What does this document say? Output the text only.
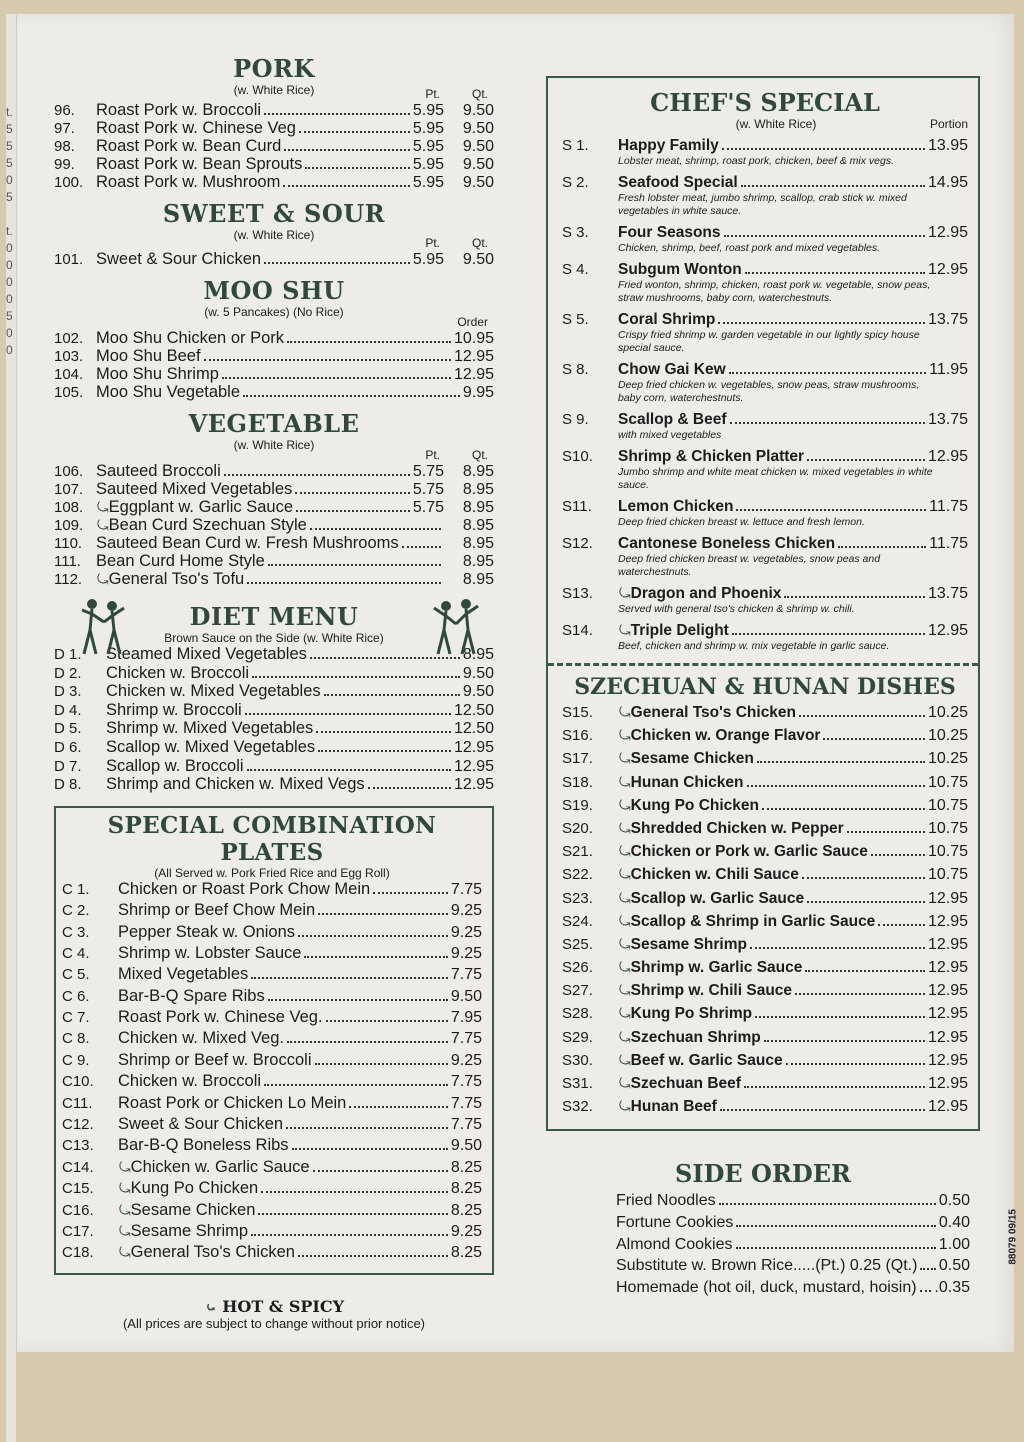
t.
5
5
5
0
5

t.
0
0
0
0
5
0
0
PORK

(w. White Rice)	Pt.	Qt.
96.	Roast Pork w. Broccoli	5.95	9.50
97.	Roast Pork w. Chinese Veg	5.95	9.50
98.	Roast Pork w. Bean Curd	5.95	9.50
99.	Roast Pork w. Bean Sprouts	5.95	9.50
100. Roast Pork w. Mushroom	5.95	9.50
SWEET & SOUR

(w. White Rice)

Pt.	Qt.
101. Sweet & Sour Chicken	5.95	9.50
MOO SHU

(w. 5 Pancakes) (No Rice)

Order
102. Moo Shu Chicken or Pork	10.95
103. Moo Shu Beef	12.95
104. Moo Shu Shrimp	12.95
105. Moo Shu Vegetable	9.95
VEGETABLE

(w. White Rice)

Pt.	Qt.
106. Sauteed Broccoli	5.75	8.95
107. Sauteed Mixed Vegetables	5.75	8.95
108. ⤿ Eggplant w. Garlic Sauce	5.75	8.95
109. ⤿ Bean Curd Szechuan Style	8.95
110. Sauteed Bean Curd w. Fresh Mushrooms	8.95
111. Bean Curd Home Style	8.95
112.	⤿ General Tso's Tofu	8.95
DIET MENU

Brown Sauce on the Side (w. White Rice)

D 1.	Steamed Mixed Vegetables	8.95
D 2.	Chicken w. Broccoli	9.50
D 3.	Chicken w. Mixed Vegetables	9.50
D 4.	Shrimp w. Broccoli	12.50
D 5.	Shrimp w. Mixed Vegetables	12.50
D 6.	Scallop w. Mixed Vegetables	12.95
D 7.	Scallop w. Broccoli	12.95
D 8.	Shrimp and Chicken w. Mixed Vegs	12.95
SPECIAL COMBINATION PLATES

(All Served w. Pork Fried Rice and Egg Roll)

C 1.	Chicken or Roast Pork Chow Mein	7.75
C 2.	Shrimp or Beef Chow Mein	9.25
C 3.	Pepper Steak w. Onions	9.25
C 4.	Shrimp w. Lobster Sauce	9.25
C 5.	Mixed Vegetables	7.75
C 6.	Bar-B-Q Spare Ribs	9.50
C 7.	Roast Pork w. Chinese Veg.	7.95
C 8.	Chicken w. Mixed Veg.	7.75
C 9.	Shrimp or Beef w. Broccoli	9.25
C10.	Chicken w. Broccoli	7.75
C11.	Roast Pork or Chicken Lo Mein	7.75
C12.	Sweet & Sour Chicken	7.75
C13.	Bar-B-Q Boneless Ribs	9.50
C14.	⤿ Chicken w. Garlic Sauce	8.25
C15.	⤿ Kung Po Chicken	8.25
C16.	⤿ Sesame Chicken	8.25
C17.	⤿ Sesame Shrimp	9.25
C18.	⤿ General Tso's Chicken	8.25
⤿ HOT & SPICY
(All prices are subject to change without prior notice)
CHEF'S SPECIAL
(w. White Rice)	Portion
S 1.	Happy Family	13.95
Lobster meat, shrimp, roast pork, chicken, beef & mix vegs.
S 2.	Seafood Special	14.95
Fresh lobster meat, jumbo shrimp, scallop, crab stick w. mixed vegetables in white sauce.
S 3.	Four Seasons	12.95
Chicken, shrimp, beef, roast pork and mixed vegetables.
S 4.	Subgum Wonton	12.95
Fried wonton, shrimp, chicken, roast pork w. vegetable, snow peas, straw mushrooms, baby corn, waterchestnuts.
S 5.	Coral Shrimp	13.75
Crispy fried shrimp w. garden vegetable in our lightly spicy house special sauce.
S 8.	Chow Gai Kew	11.95
Deep fried chicken w. vegetables, snow peas, straw mushrooms, baby corn, waterchestnuts.
S 9.	Scallop & Beef	13.75
with mixed vegetables
S10.	Shrimp & Chicken Platter	12.95
Jumbo shrimp and white meat chicken w. mixed vegetables in white sauce.
S11.	Lemon Chicken	11.75
Deep fried chicken breast w. lettuce and fresh lemon.
S12.	Cantonese Boneless Chicken	11.75
Deep fried chicken breast w. vegetables, snow peas and waterchestnuts.
S13.	⤿ Dragon and Phoenix	13.75
Served with general tso's chicken & shrimp w. chili.
S14.	⤿ Triple Delight	12.95
Beef, chicken and shrimp w. mix vegetable in garlic sauce.
SZECHUAN & HUNAN DISHES
S15.	⤿ General Tso's Chicken	10.25
S16.	⤿ Chicken w. Orange Flavor	10.25
S17.	⤿ Sesame Chicken	10.25
S18.	⤿ Hunan Chicken	10.75
S19.	⤿ Kung Po Chicken	10.75
S20.	⤿ Shredded Chicken w. Pepper	10.75
S21.	⤿ Chicken or Pork w. Garlic Sauce	10.75
S22.	⤿ Chicken w. Chili Sauce	10.75
S23.	⤿ Scallop w. Garlic Sauce	12.95
S24.	⤿ Scallop & Shrimp in Garlic Sauce	12.95
S25.	⤿ Sesame Shrimp	12.95
S26.	⤿ Shrimp w. Garlic Sauce	12.95
S27.	⤿ Shrimp w. Chili Sauce	12.95
S28.	⤿ Kung Po Shrimp	12.95
S29.	⤿ Szechuan Shrimp	12.95
S30.	⤿ Beef w. Garlic Sauce	12.95
S31.	⤿ Szechuan Beef	12.95
S32.	⤿ Hunan Beef	12.95
SIDE ORDER
Fried Noodles	0.50
Fortune Cookies	0.40
Almond Cookies	1.00
Substitute w. Brown Rice.....(Pt.) 0.25 (Qt.) 0.50
Homemade (hot oil, duck, mustard, hoisin) .0.35
88079 09/15
